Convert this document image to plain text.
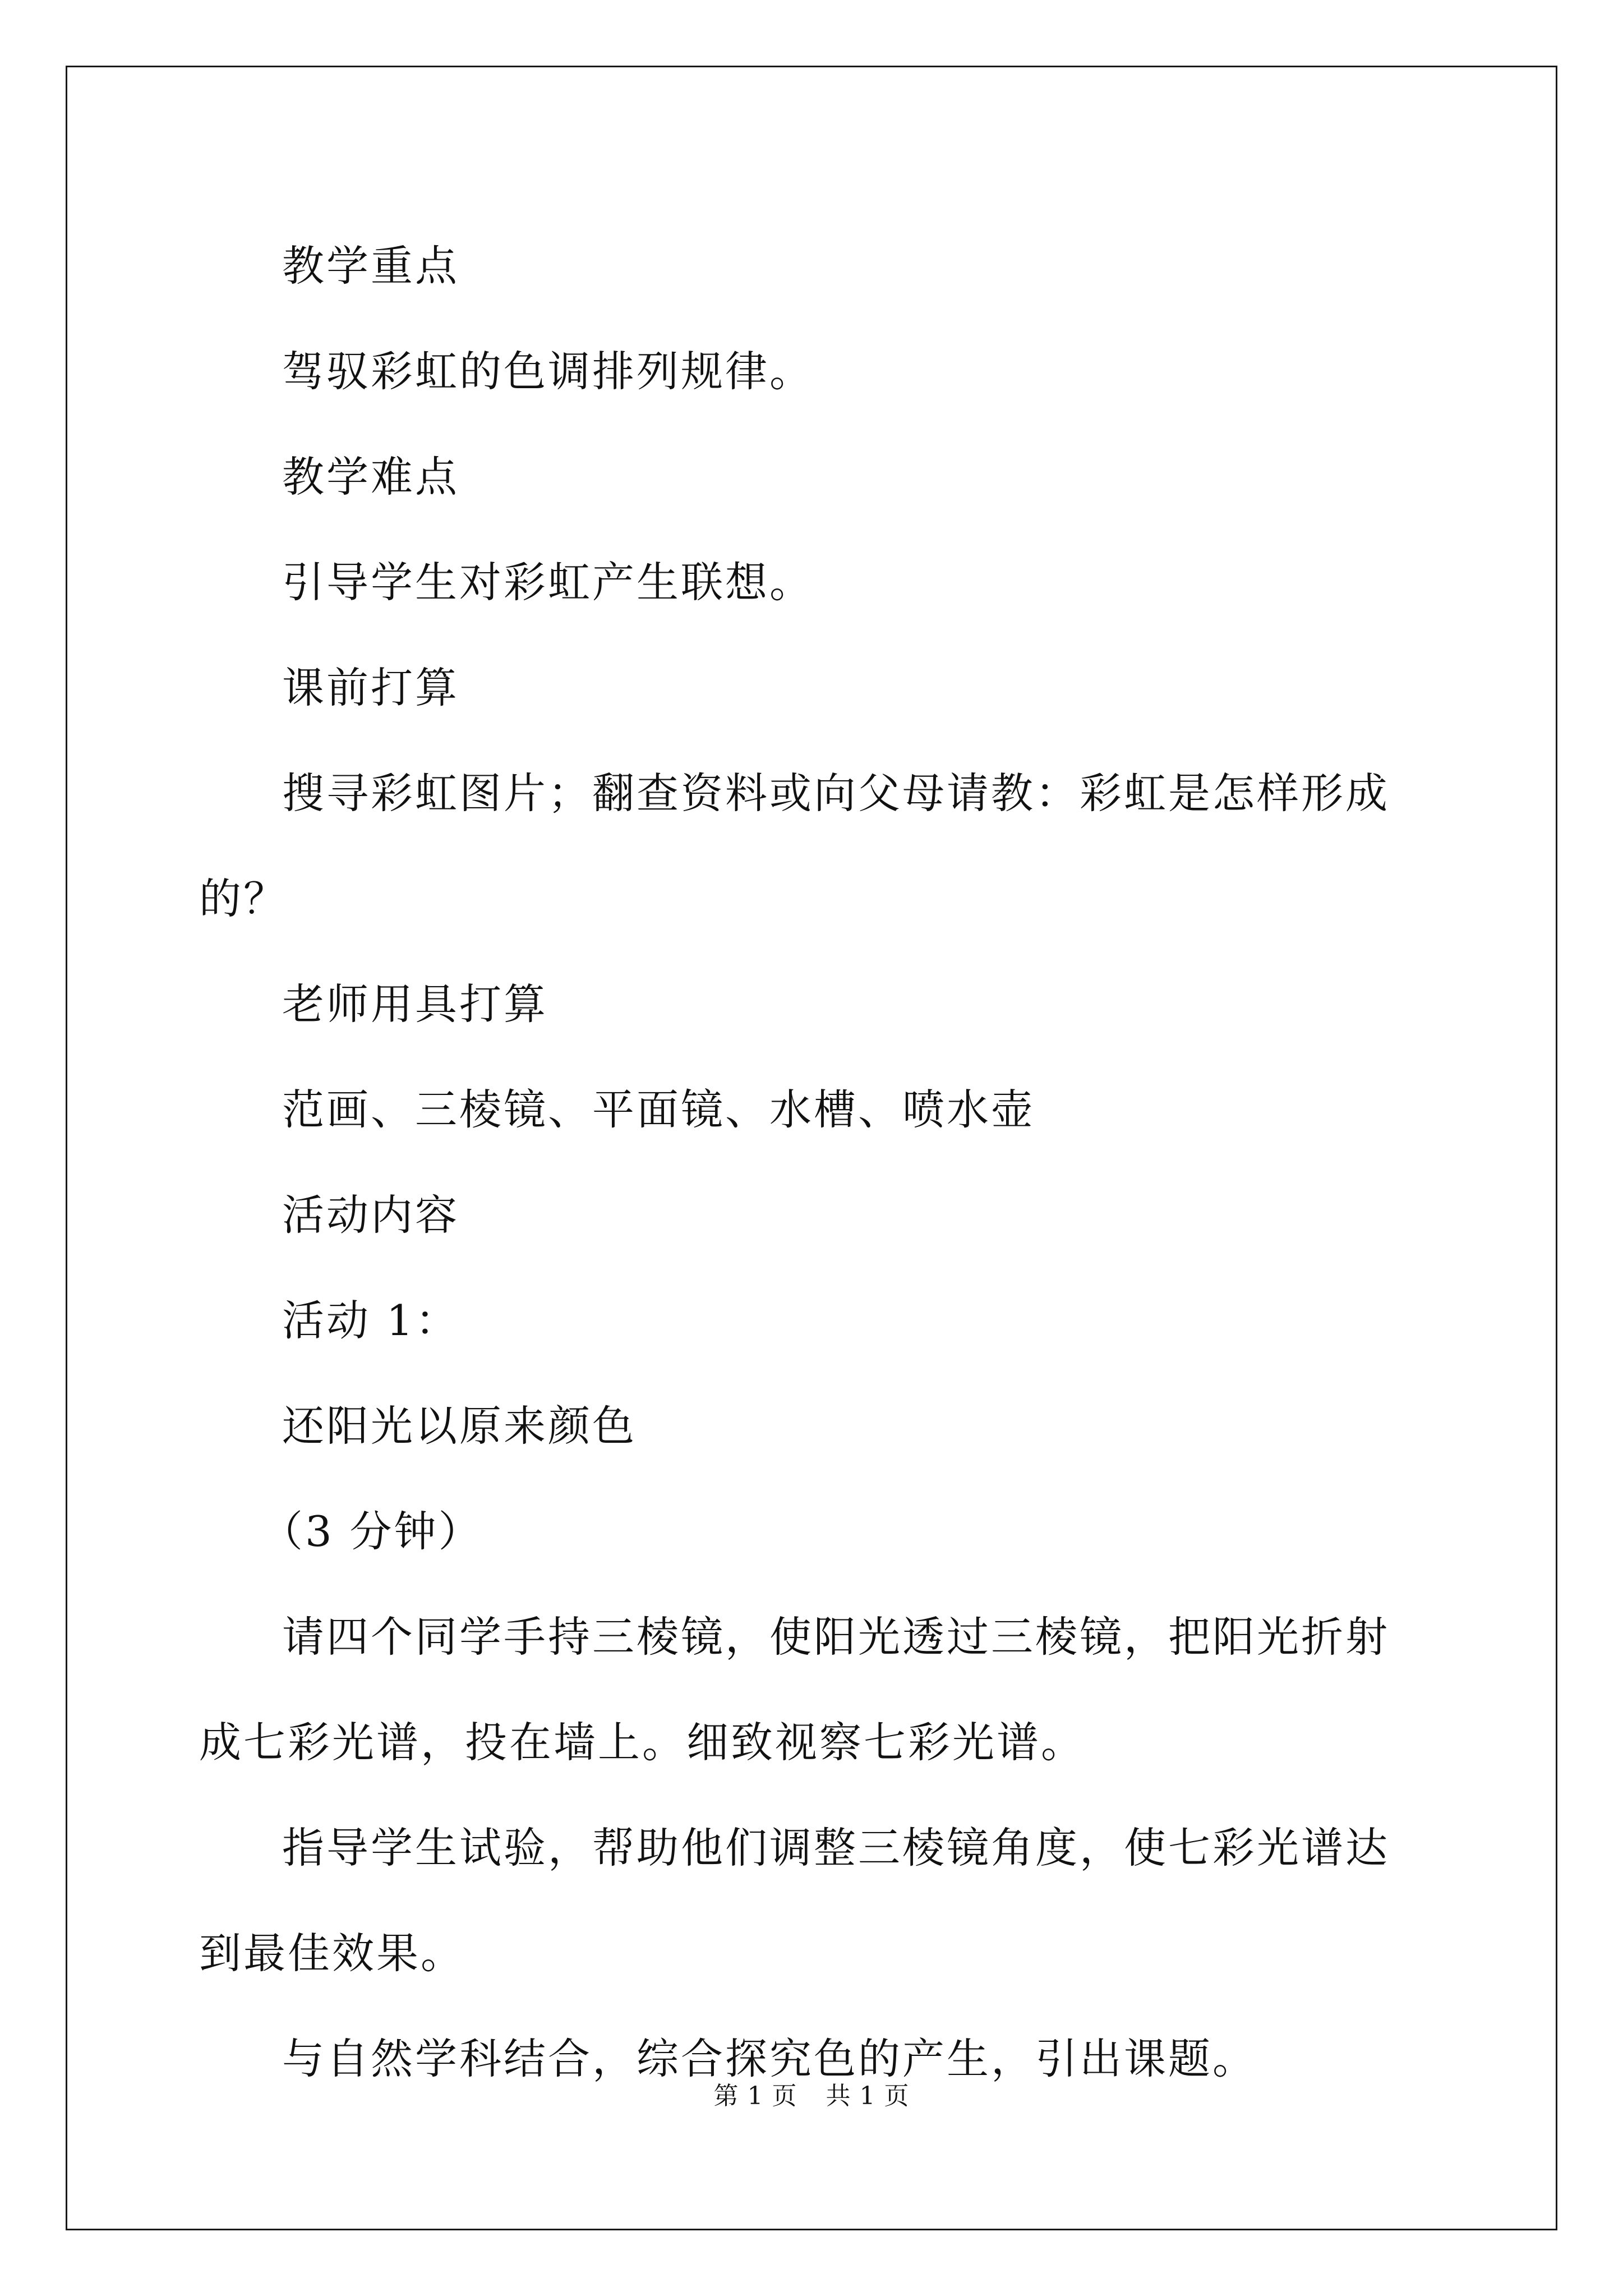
教学重点

驾驭彩虹的色调排列规律。

教学难点

引导学生对彩虹产生联想。

课前打算

搜寻彩虹图片；翻查资料或向父母请教：彩虹是怎样形成的？

老师用具打算

范画、三棱镜、平面镜、水槽、喷水壶

活动内容

活动 1：

还阳光以原来颜色

（3 分钟）

请四个同学手持三棱镜，使阳光透过三棱镜，把阳光折射成七彩光谱，投在墙上。细致视察七彩光谱。

指导学生试验，帮助他们调整三棱镜角度，使七彩光谱达到最佳效果。

与自然学科结合，综合探究色的产生，引出课题。

第 1 页 共 1 页
